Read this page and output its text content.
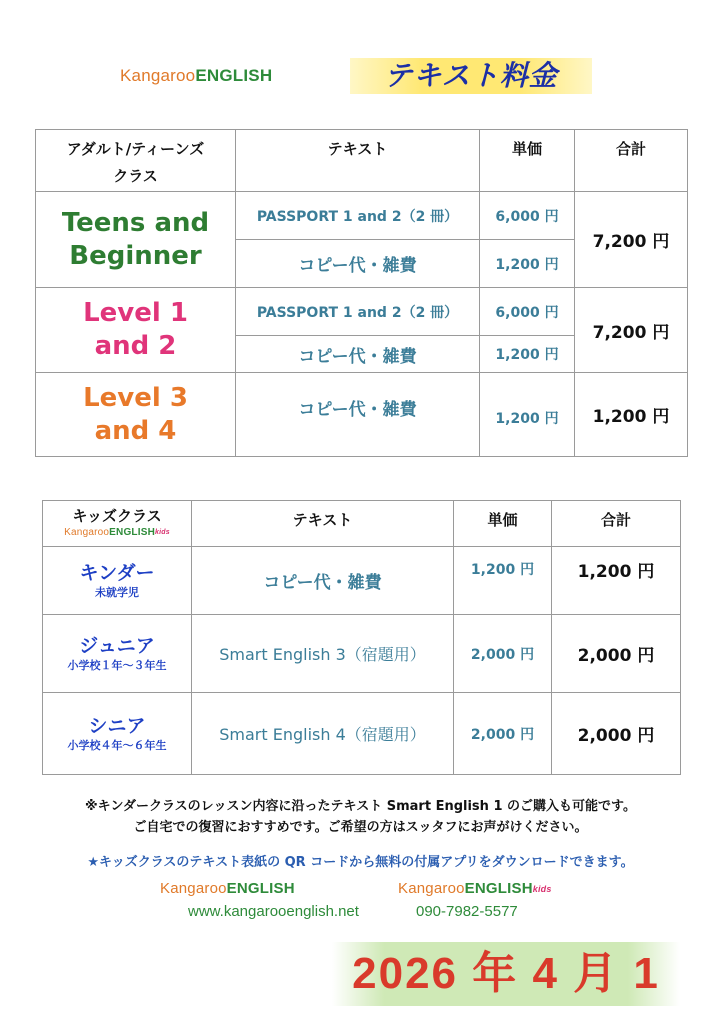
KangarooENGLISH	テキスト料金
アダルト/ティーンズ
クラス	テキスト	単価	合計

Teens and
Beginner	PASSPORT 1 and 2（2 冊）	6,000 円	7,200 円
	コピー代・雑費	1,200 円	

Level 1
and 2	PASSPORT 1 and 2（2 冊）	6,000 円	7,200 円
	コピー代・雑費	1,200 円	

Level 3
and 4	コピー代・雑費	1,200 円	1,200 円
キッズクラス
KangarooENGLISHkids	テキスト	単価	合計

キンダー
未就学児	コピー代・雑費	1,200 円	1,200 円

ジュニア
小学校１年〜３年生	Smart English 3（宿題用）	2,000 円	2,000 円

シニア
小学校４年〜６年生	Smart English 4（宿題用）	2,000 円	2,000 円
※キンダークラスのレッスン内容に沿ったテキスト Smart English 1 のご購入も可能です。
ご自宅での復習におすすめです。ご希望の方はスッタフにお声がけください。
★キッズクラスのテキスト表紙の QR コードから無料の付属アプリをダウンロードできます。
KangarooENGLISH	KangarooENGLISHkids
www.kangarooenglish.net	090-7982-5577
2026 年 4 月 1
